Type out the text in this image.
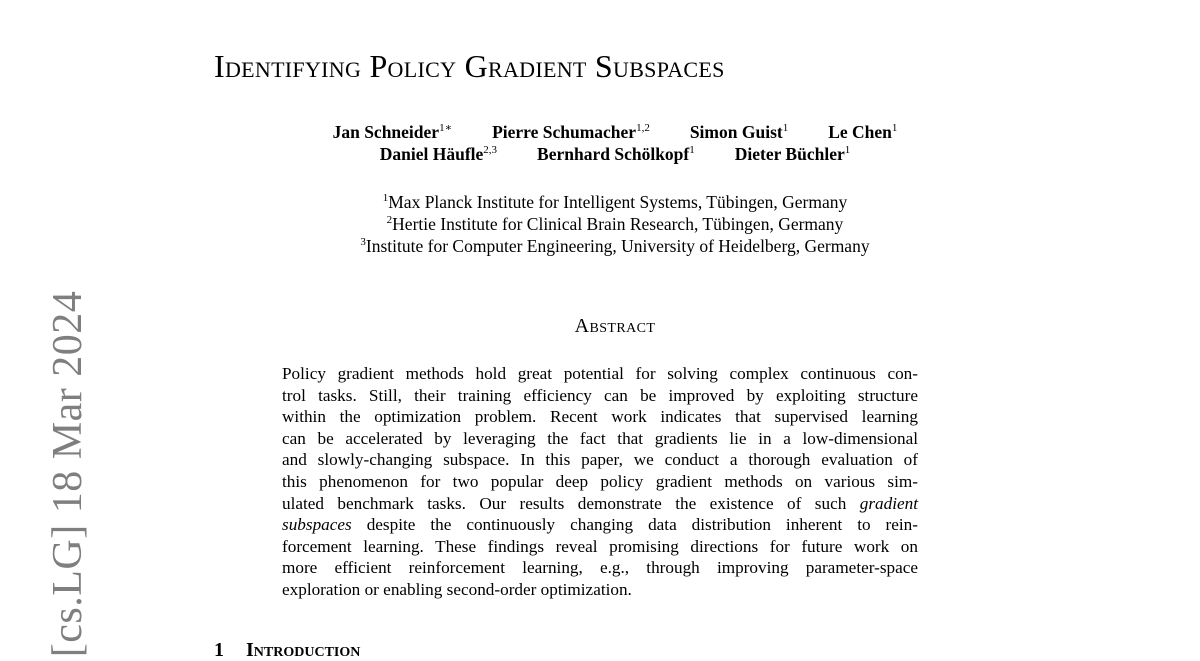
Identifying Policy Gradient Subspaces
Jan Schneider$^{1∗}$ Pierre Schumacher$^{1,2}$ Simon Guist$^1$ Le Chen$^1$
Daniel Häufle$^{2,3}$ Bernhard Schölkopf$^1$ Dieter Büchler$^1$
$^1$Max Planck Institute for Intelligent Systems, Tübingen, Germany
$^2$Hertie Institute for Clinical Brain Research, Tübingen, Germany
$^3$Institute for Computer Engineering, University of Heidelberg, Germany
Abstract
Policy gradient methods hold great potential for solving complex continuous con-
trol tasks. Still, their training efficiency can be improved by exploiting structure
within the optimization problem. Recent work indicates that supervised learning
can be accelerated by leveraging the fact that gradients lie in a low-dimensional
and slowly-changing subspace. In this paper, we conduct a thorough evaluation of
this phenomenon for two popular deep policy gradient methods on various sim-
ulated benchmark tasks. Our results demonstrate the existence of such gradient
subspaces despite the continuously changing data distribution inherent to rein-
forcement learning. These findings reveal promising directions for future work on
more efficient reinforcement learning, e.g., through improving parameter-space
exploration or enabling second-order optimization.
[cs.LG] 18 Mar 2024	1 Introduction
